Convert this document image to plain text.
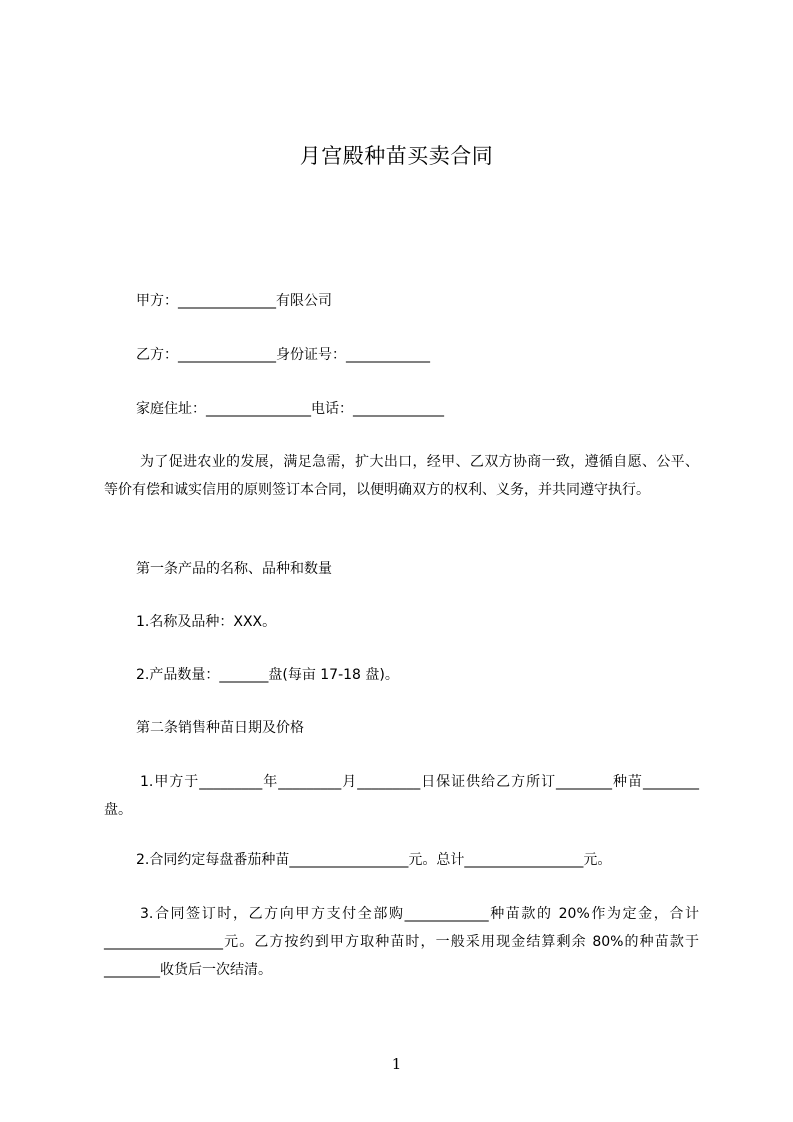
月宫殿种苗买卖合同
甲方：______________有限公司
乙方：______________身份证号：____________
家庭住址：_______________电话：_____________
为了促进农业的发展，满足急需，扩大出口，经甲、乙双方协商一致，遵循自愿、公平、等价有偿和诚实信用的原则签订本合同，以便明确双方的权利、义务，并共同遵守执行。
第一条产品的名称、品种和数量
1.名称及品种：XXX。
2.产品数量：_______盘(每亩 17-18 盘)。
第二条销售种苗日期及价格
1.甲方于_________年_________月_________日保证供给乙方所订________种苗________盘。
2.合同约定每盘番茄种苗_________________元。总计_________________元。
3.合同签订时，乙方向甲方支付全部购____________种苗款的 20%作为定金，合计_________________元。乙方按约到甲方取种苗时，一般采用现金结算剩余 80%的种苗款于________收货后一次结清。
1
